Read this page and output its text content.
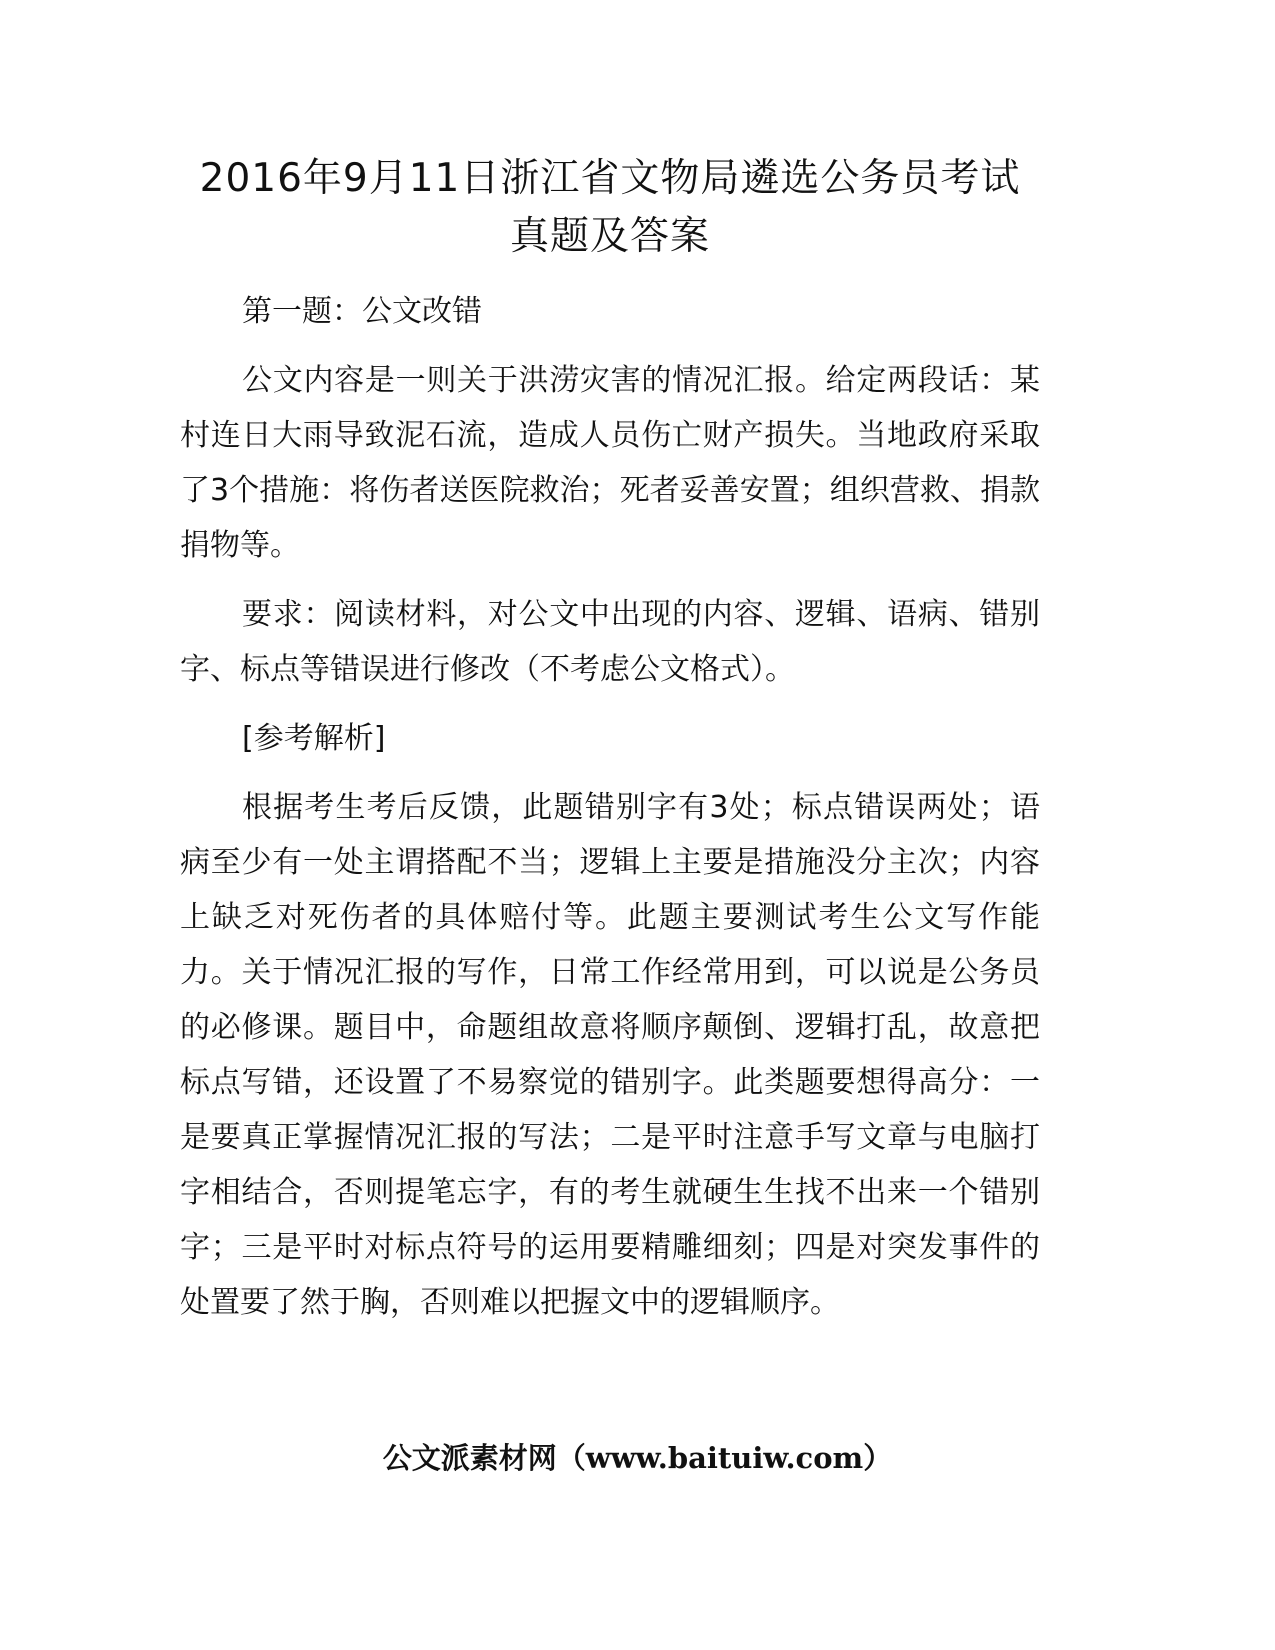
2016年9月11日浙江省文物局遴选公务员考试
真题及答案

第一题：公文改错

公文内容是一则关于洪涝灾害的情况汇报。给定两段话：某村连日大雨导致泥石流，造成人员伤亡财产损失。当地政府采取了3个措施：将伤者送医院救治；死者妥善安置；组织营救、捐款捐物等。

要求：阅读材料，对公文中出现的内容、逻辑、语病、错别字、标点等错误进行修改（不考虑公文格式）。

[参考解析]

根据考生考后反馈，此题错别字有3处；标点错误两处；语病至少有一处主谓搭配不当；逻辑上主要是措施没分主次；内容上缺乏对死伤者的具体赔付等。此题主要测试考生公文写作能力。关于情况汇报的写作，日常工作经常用到，可以说是公务员的必修课。题目中，命题组故意将顺序颠倒、逻辑打乱，故意把标点写错，还设置了不易察觉的错别字。此类题要想得高分：一是要真正掌握情况汇报的写法；二是平时注意手写文章与电脑打字相结合，否则提笔忘字，有的考生就硬生生找不出来一个错别字；三是平时对标点符号的运用要精雕细刻；四是对突发事件的处置要了然于胸，否则难以把握文中的逻辑顺序。

公文派素材网（www.baituiw.com）
